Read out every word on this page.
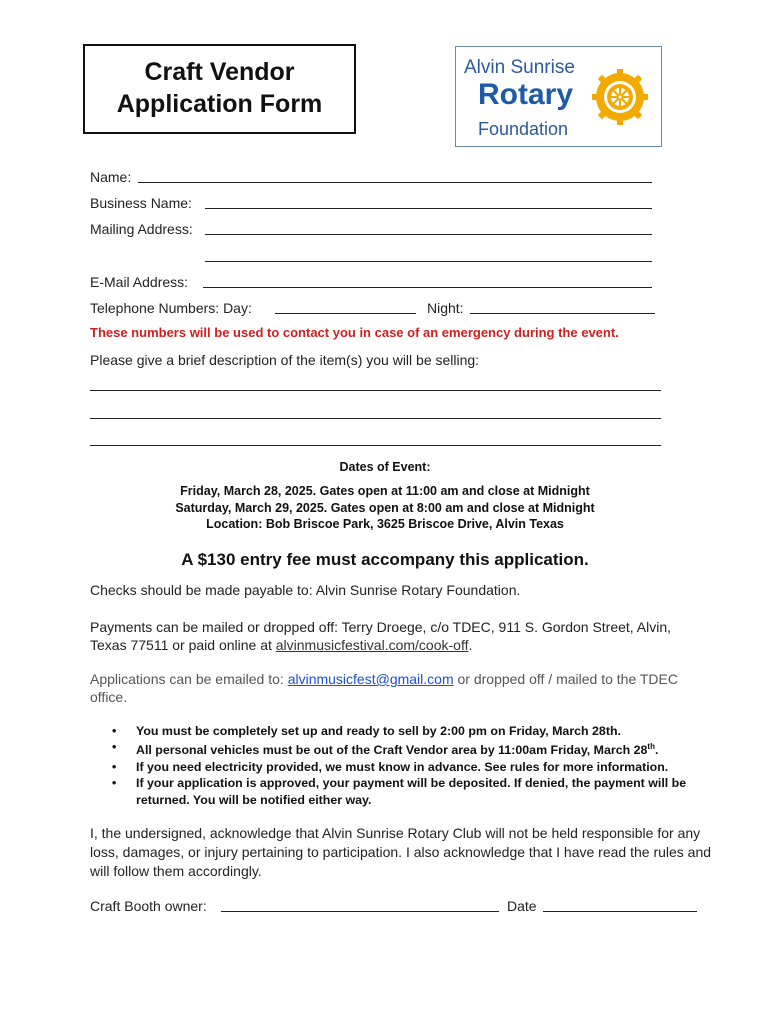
Craft Vendor
Application Form
Alvin Sunrise
Rotary
Foundation
Name:
Business Name:
Mailing Address:
E-Mail Address:
Telephone Numbers: Day:	Night:
These numbers will be used to contact you in case of an emergency during the event.
Please give a brief description of the item(s) you will be selling:
Dates of Event:
Friday, March 28, 2025. Gates open at 11:00 am and close at Midnight
Saturday, March 29, 2025. Gates open at 8:00 am and close at Midnight
Location: Bob Briscoe Park, 3625 Briscoe Drive, Alvin Texas
A $130 entry fee must accompany this application.
Checks should be made payable to: Alvin Sunrise Rotary Foundation.
Payments can be mailed or dropped off: Terry Droege, c/o TDEC, 911 S. Gordon Street, Alvin, Texas 77511 or paid online at alvinmusicfestival.com/cook-off.
Applications can be emailed to: alvinmusicfest@gmail.com or dropped off / mailed to the TDEC office.
• You must be completely set up and ready to sell by 2:00 pm on Friday, March 28th.
• All personal vehicles must be out of the Craft Vendor area by 11:00am Friday, March 28th.
• If you need electricity provided, we must know in advance. See rules for more information.
• If your application is approved, your payment will be deposited. If denied, the payment will be returned. You will be notified either way.
I, the undersigned, acknowledge that Alvin Sunrise Rotary Club will not be held responsible for any loss, damages, or injury pertaining to participation. I also acknowledge that I have read the rules and will follow them accordingly.
Craft Booth owner:	Date
